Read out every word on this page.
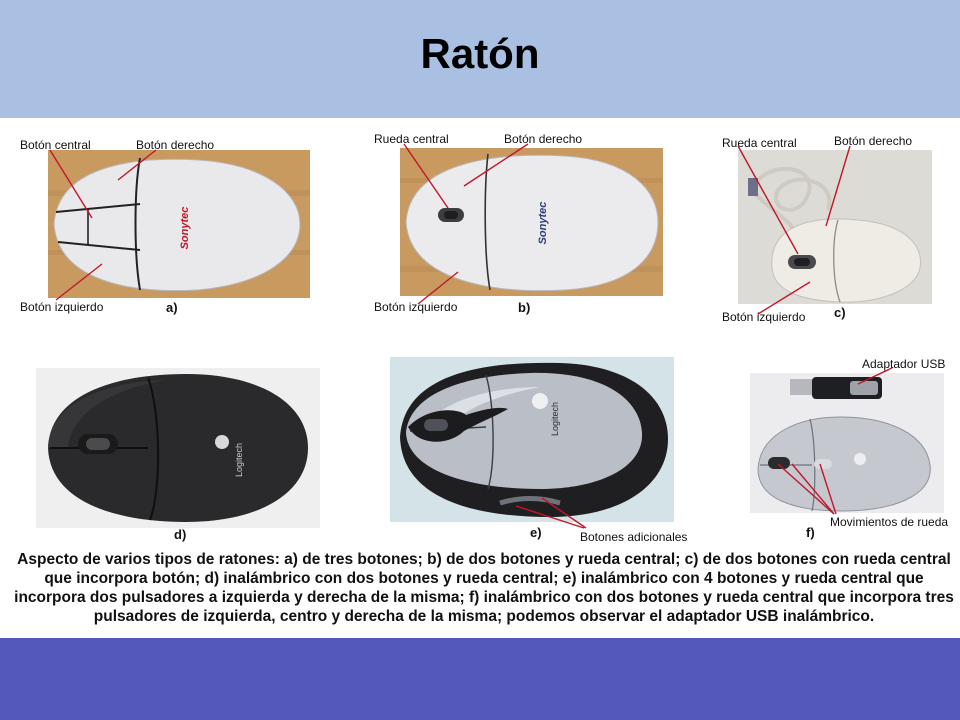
Ratón
Sonytec	Sonytec
Logitech
Logitech
Botón central	Botón derecho
Botón izquierdo	a)
Rueda central	Botón derecho
Botón izquierdo	b)
Rueda central	Botón derecho
Botón izquierdo c)
d)	Botones adicionales
e)
Adaptador USB
Movimientos de rueda
f)
Aspecto de varios tipos de ratones: a) de tres botones; b) de dos botones y rueda central; c) de dos botones con rueda central que incorpora botón; d) inalámbrico con dos botones y rueda central; e) inalámbrico con 4 botones y rueda central que incorpora dos pulsadores a izquierda y derecha de la misma; f) inalámbrico con dos botones y rueda central que incorpora tres pulsadores de izquierda, centro y derecha de la misma; podemos observar el adaptador USB inalámbrico.
